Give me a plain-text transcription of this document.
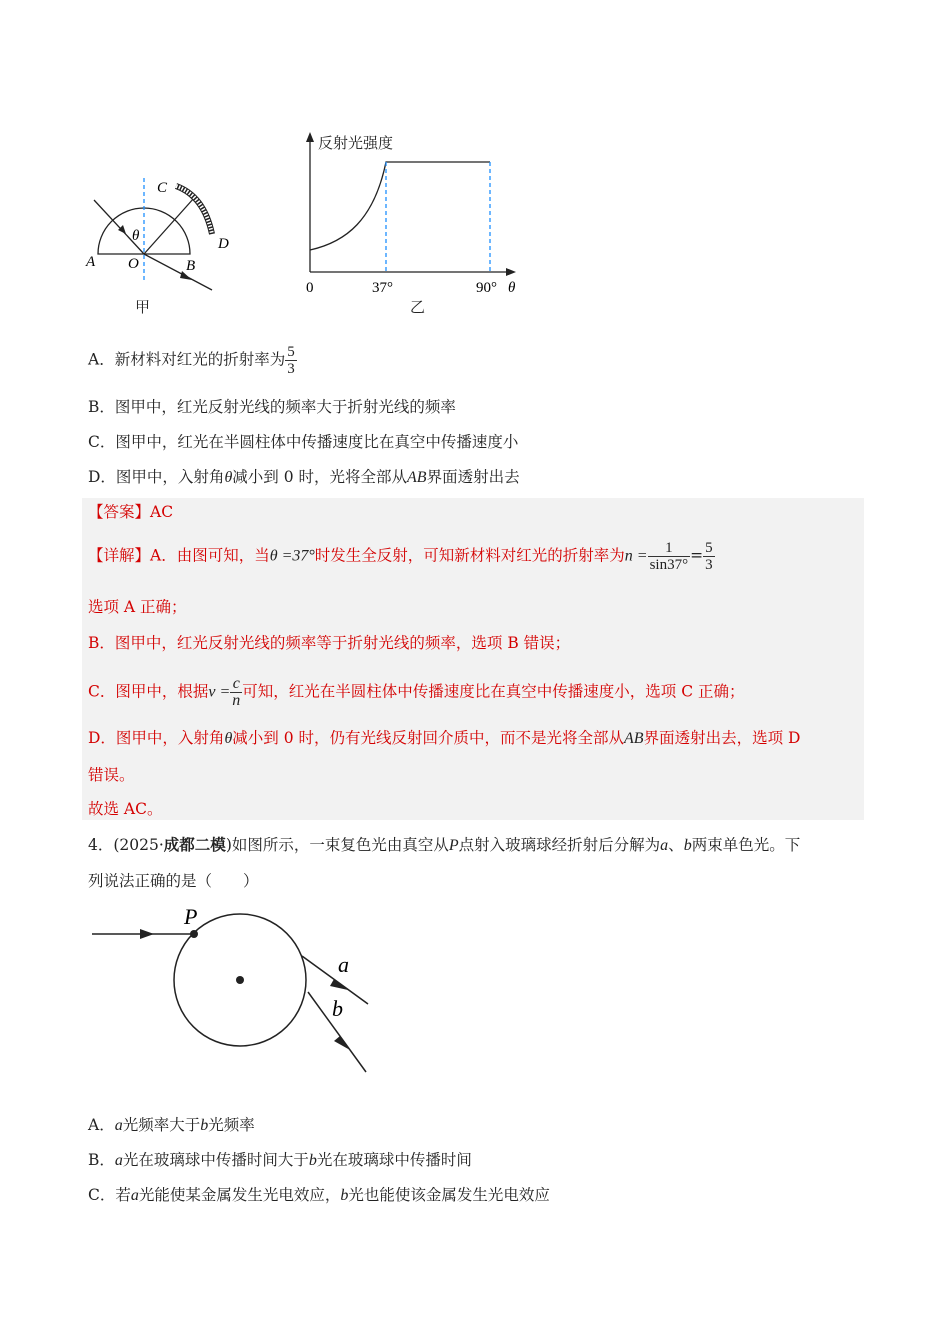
A O	B
C
D
θ
甲
0	37°	90° θ
反射光强度
乙
A．新材料对红光的折射率为 $\frac{5}{3}$
B．图甲中，红光反射光线的频率大于折射光线的频率
C．图甲中，红光在半圆柱体中传播速度比在真空中传播速度小
D．图甲中，入射角θ减小到 0 时，光将全部从AB界面透射出去
【答案】AC
【详解】A．由图可知，当θ =37°时发生全反射，可知新材料对红光的折射率为$n = \frac{1}{\sin 37^\circ} = \frac{5}{3}$
选项 A 正确；
B．图甲中，红光反射光线的频率等于折射光线的频率，选项 B 错误；
C．图甲中，根据$v = \frac{c}{n}$ 可知，红光在半圆柱体中传播速度比在真空中传播速度小，选项 C 正确；
D．图甲中，入射角θ减小到 0 时，仍有光线反射回介质中，而不是光将全部从AB界面透射出去，选项 D
错误。
故选 AC。
4．(2025·成都二模)如图所示，一束复色光由真空从P点射入玻璃球经折射后分解为a、b两束单色光。下
列说法正确的是（　　）
P
a
b
A．a光频率大于b光频率
B．a光在玻璃球中传播时间大于b光在玻璃球中传播时间
C．若a光能使某金属发生光电效应，b光也能使该金属发生光电效应
